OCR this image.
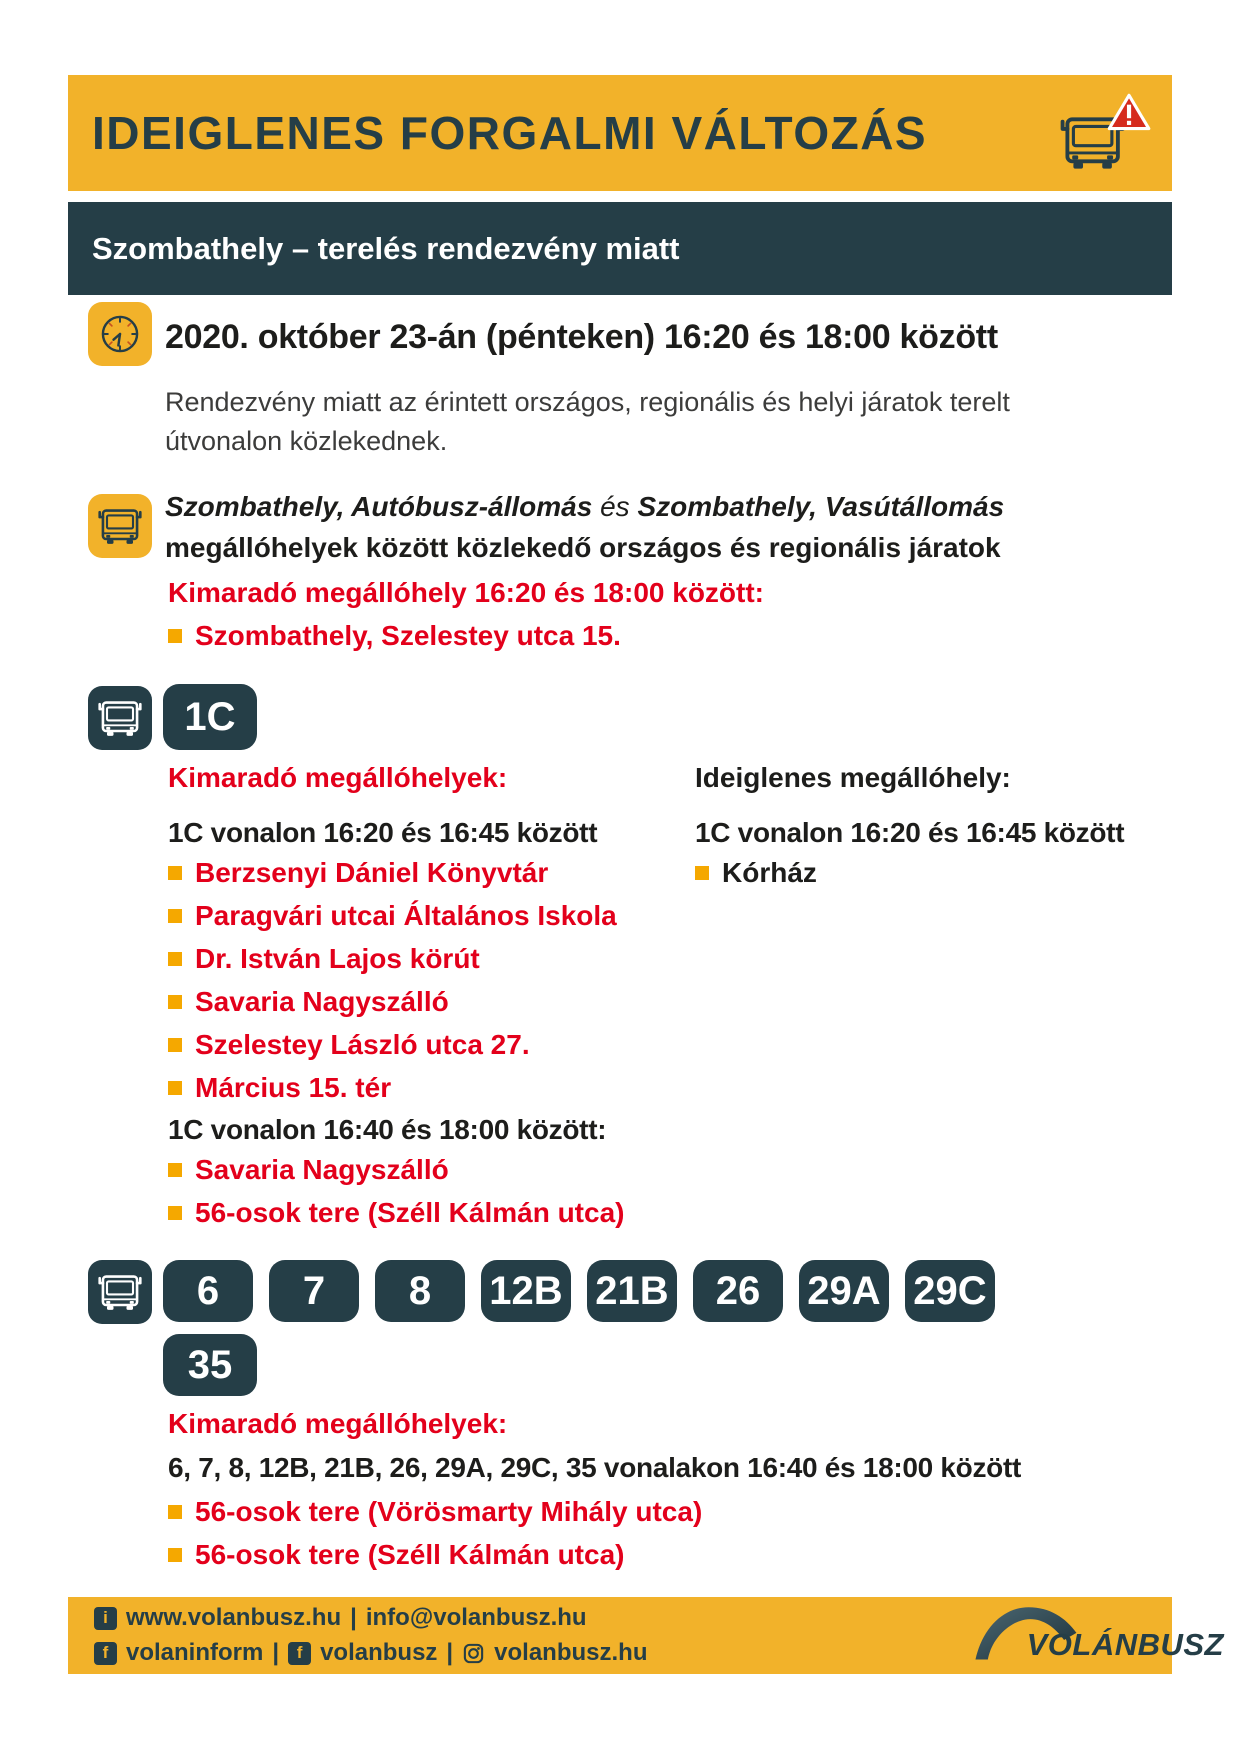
IDEIGLENES FORGALMI VÁLTOZÁS
Szombathely – terelés rendezvény miatt
2020. október 23-án (pénteken) 16:20 és 18:00 között

Rendezvény miatt az érintett országos, regionális és helyi járatok terelt útvonalon közlekednek.

Szombathely, Autóbusz-állomás és Szombathely, Vasútállomás
megállóhelyek között közlekedő országos és regionális járatok
Kimaradó megállóhely 16:20 és 18:00 között:
Szombathely, Szelestey utca 15.
1C
Kimaradó megállóhelyek:
1C vonalon 16:20 és 16:45 között
Berzsenyi Dániel Könyvtár
Paragvári utcai Általános Iskola
Dr. István Lajos körút
Savaria Nagyszálló
Szelestey László utca 27.
Március 15. tér
1C vonalon 16:40 és 18:00 között:
Savaria Nagyszálló
56-osok tere (Széll Kálmán utca)
Ideiglenes megállóhely:
1C vonalon 16:20 és 16:45 között
Kórház
6	7	8	12B 21B	26	29A 29C
35
Kimaradó megállóhelyek:
6, 7, 8, 12B, 21B, 26, 29A, 29C, 35 vonalakon 16:40 és 18:00 között
56-osok tere (Vörösmarty Mihály utca)
56-osok tere (Széll Kálmán utca)
i www.volanbusz.hu | info@volanbusz.hu
f volaninform |	f volanbusz | volanbusz.hu	VOLÁNBUSZ
